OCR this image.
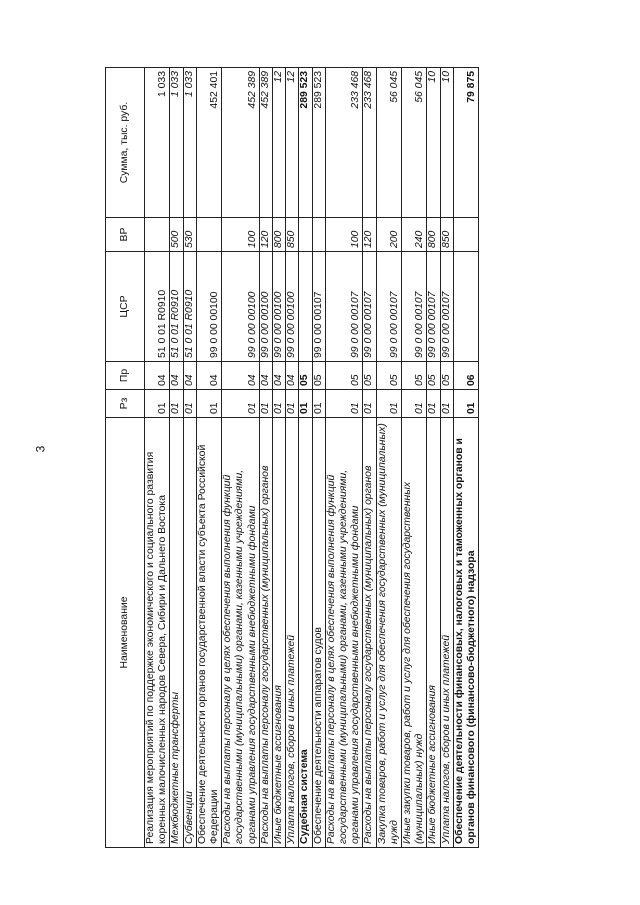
3
Наименование	Рз	Пр	ЦСР	ВР	Сумма, тыс. руб.
Реализация мероприятий по поддержке экономического и социального развития коренных малочисленных народов Севера, Сибири и Дальнего Востока	01	04	51 0 01 R0910		1 033
Межбюджетные трансферты	01	04	51 0 01 R0910	500	1 033
Субвенции	01	04	51 0 01 R0910	530	1 033
Обеспечение деятельности органов государственной власти субъекта Российской Федерации	01	04	99 0 00 00100		452 401
Расходы на выплаты персоналу в целях обеспечения выполнения функций государственными (муниципальными) органами, казенными учреждениями, органами управления государственными внебюджетными фондами	01	04	99 0 00 00100	100	452 389
Расходы на выплаты персоналу государственных (муниципальных) органов	01	04	99 0 00 00100	120	452 389
Иные бюджетные ассигнования	01	04	99 0 00 00100	800	12
Уплата налогов, сборов и иных платежей	01	04	99 0 00 00100	850	12
Судебная система	01	05			289 523
Обеспечение деятельности аппаратов судов	01	05	99 0 00 00107		289 523
Расходы на выплаты персоналу в целях обеспечения выполнения функций государственными (муниципальными) органами, казенными учреждениями, органами управления государственными внебюджетными фондами	01	05	99 0 00 00107	100	233 468
Расходы на выплаты персоналу государственных (муниципальных) органов	01	05	99 0 00 00107	120	233 468
Закупка товаров, работ и услуг для обеспечения государственных (муниципальных) нужд	01	05	99 0 00 00107	200	56 045
Иные закупки товаров, работ и услуг для обеспечения государственных (муниципальных) нужд	01	05	99 0 00 00107	240	56 045
Иные бюджетные ассигнования	01	05	99 0 00 00107	800	10
Уплата налогов, сборов и иных платежей	01	05	99 0 00 00107	850	10
Обеспечение деятельности финансовых, налоговых и таможенных органов и органов финансового (финансово-бюджетного) надзора	01	06			79 875
